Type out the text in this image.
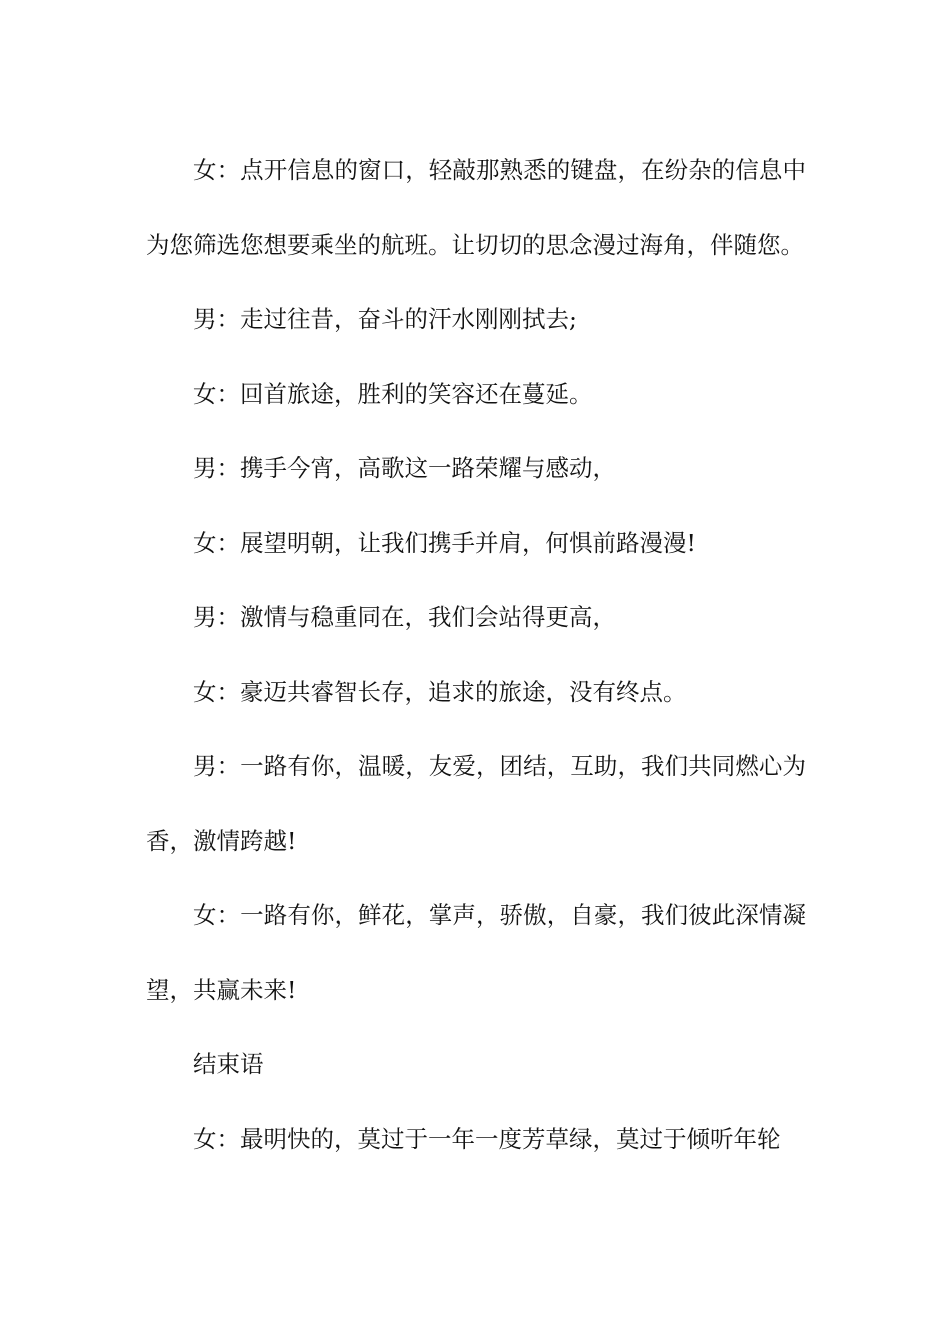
女：点开信息的窗口，轻敲那熟悉的键盘，在纷杂的信息中为您筛选您想要乘坐的航班。让切切的思念漫过海角，伴随您。

男：走过往昔，奋斗的汗水刚刚拭去;

女：回首旅途，胜利的笑容还在蔓延。

男：携手今宵，高歌这一路荣耀与感动，

女：展望明朝，让我们携手并肩，何惧前路漫漫!

男：激情与稳重同在，我们会站得更高，

女：豪迈共睿智长存，追求的旅途，没有终点。

男：一路有你，温暖，友爱，团结，互助，我们共同燃心为香，激情跨越!

女：一路有你，鲜花，掌声，骄傲，自豪，我们彼此深情凝望，共赢未来!

结束语

女：最明快的，莫过于一年一度芳草绿，莫过于倾听年轮
